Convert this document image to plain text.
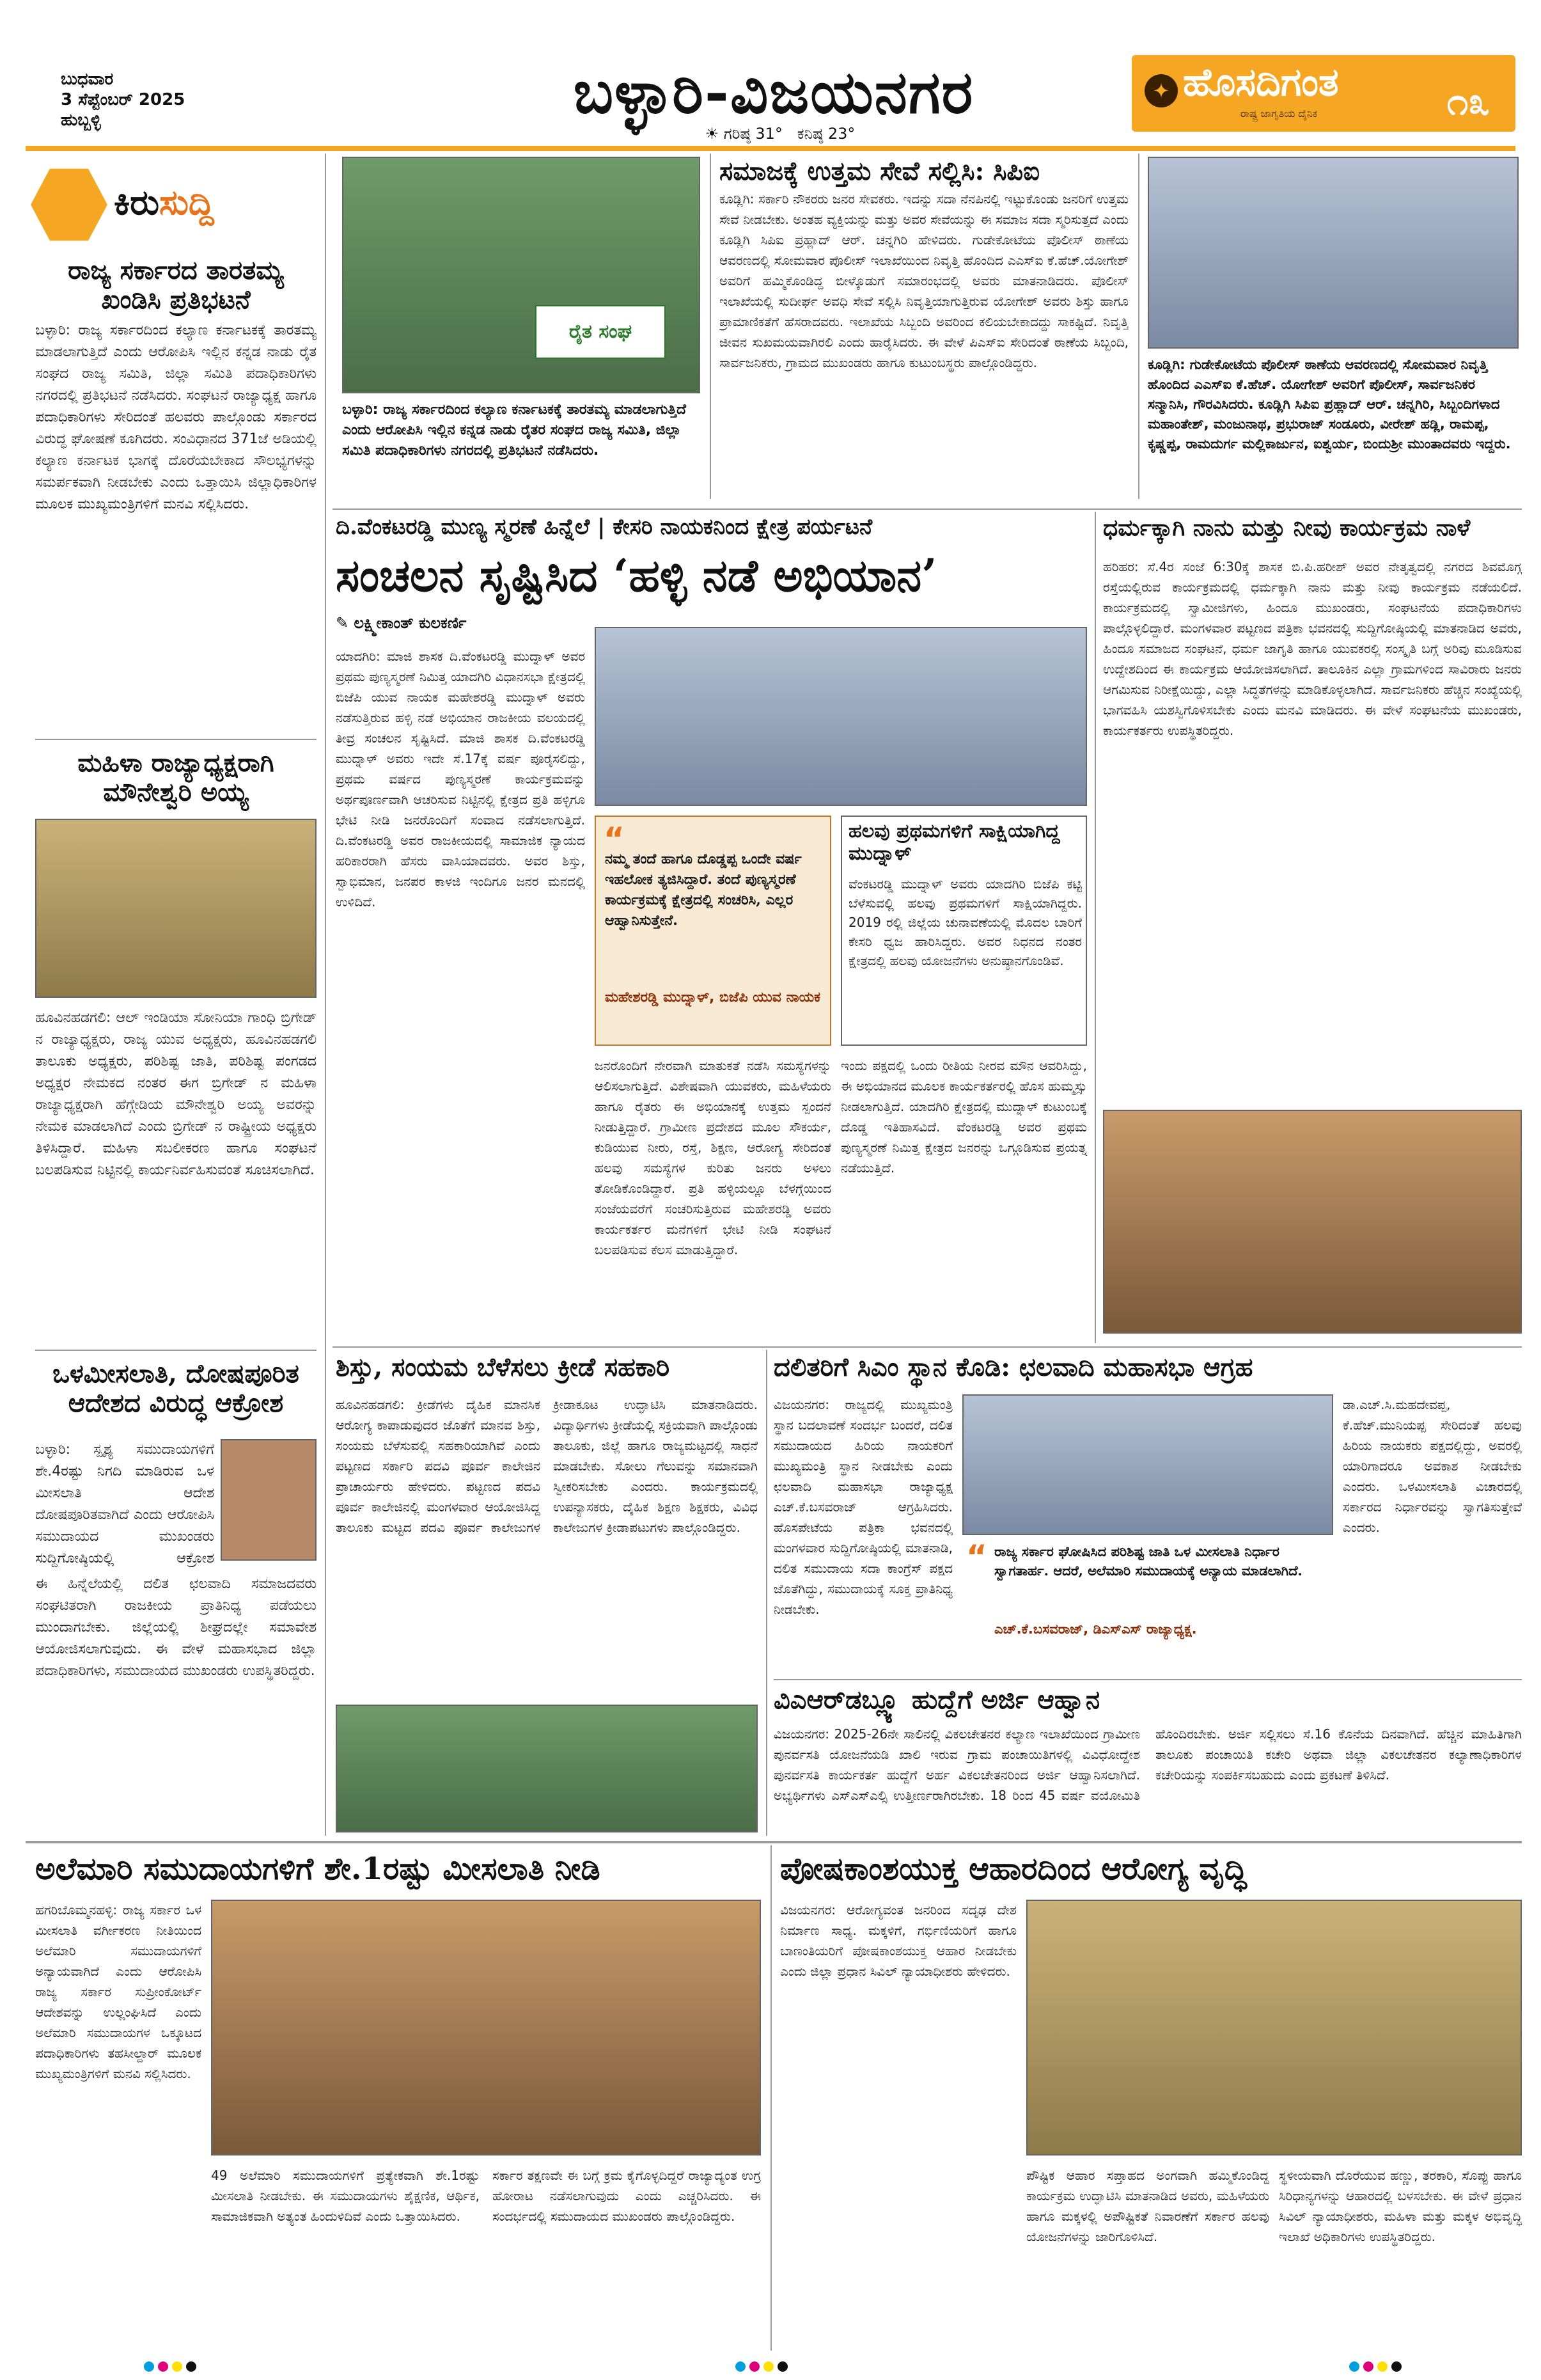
ಬುಧವಾರ
3 ಸೆಪ್ಟೆಂಬರ್ 2025
ಹುಬ್ಬಳ್ಳಿ	ಬಳ್ಳಾರಿ-ವಿಜಯನಗರ
☀ ಗರಿಷ್ಠ 31° ಕನಿಷ್ಠ 23°
✦ ಹೊಸದಿಗಂತ
ರಾಷ್ಟ್ರ ಜಾಗೃತಿಯ ದೈನಿಕ	೧೩
ಕಿರುಸುದ್ದಿ
ರಾಜ್ಯ ಸರ್ಕಾರದ ತಾರತಮ್ಯ ಖಂಡಿಸಿ ಪ್ರತಿಭಟನೆ
ಬಳ್ಳಾರಿ: ರಾಜ್ಯ ಸರ್ಕಾರದಿಂದ ಕಲ್ಯಾಣ ಕರ್ನಾಟಕಕ್ಕೆ ತಾರತಮ್ಯ ಮಾಡಲಾಗುತ್ತಿದೆ ಎಂದು ಆರೋಪಿಸಿ ಇಲ್ಲಿನ ಕನ್ನಡ ನಾಡು ರೈತ ಸಂಘದ ರಾಜ್ಯ ಸಮಿತಿ, ಜಿಲ್ಲಾ ಸಮಿತಿ ಪದಾಧಿಕಾರಿಗಳು ನಗರದಲ್ಲಿ ಪ್ರತಿಭಟನೆ ನಡೆಸಿದರು. ಸಂಘಟನೆ ರಾಜ್ಯಾಧ್ಯಕ್ಷ ಹಾಗೂ ಪದಾಧಿಕಾರಿಗಳು ಸೇರಿದಂತೆ ಹಲವರು ಪಾಲ್ಗೊಂಡು ಸರ್ಕಾರದ ವಿರುದ್ಧ ಘೋಷಣೆ ಕೂಗಿದರು. ಸಂವಿಧಾನದ 371ಜೆ ಅಡಿಯಲ್ಲಿ ಕಲ್ಯಾಣ ಕರ್ನಾಟಕ ಭಾಗಕ್ಕೆ ದೊರೆಯಬೇಕಾದ ಸೌಲಭ್ಯಗಳನ್ನು ಸಮರ್ಪಕವಾಗಿ ನೀಡಬೇಕು ಎಂದು ಒತ್ತಾಯಿಸಿ ಜಿಲ್ಲಾಧಿಕಾರಿಗಳ ಮೂಲಕ ಮುಖ್ಯಮಂತ್ರಿಗಳಿಗೆ ಮನವಿ ಸಲ್ಲಿಸಿದರು.
ಮಹಿಳಾ ರಾಜ್ಯಾಧ್ಯಕ್ಷರಾಗಿ ಮೌನೇಶ್ವರಿ ಅಯ್ಯ
ಹೂವಿನಹಡಗಲಿ: ಆಲ್ ಇಂಡಿಯಾ ಸೋನಿಯಾ ಗಾಂಧಿ ಬ್ರಿಗೇಡ್ ನ ರಾಜ್ಯಾಧ್ಯಕ್ಷರು, ರಾಜ್ಯ ಯುವ ಅಧ್ಯಕ್ಷರು, ಹೂವಿನಹಡಗಲಿ ತಾಲೂಕು ಅಧ್ಯಕ್ಷರು, ಪರಿಶಿಷ್ಟ ಜಾತಿ, ಪರಿಶಿಷ್ಟ ಪಂಗಡದ ಅಧ್ಯಕ್ಷರ ನೇಮಕದ ನಂತರ ಈಗ ಬ್ರಿಗೇಡ್ ನ ಮಹಿಳಾ ರಾಜ್ಯಾಧ್ಯಕ್ಷರಾಗಿ ಹೆಗ್ಗೇಡಿಯ ಮೌನೇಶ್ವರಿ ಅಯ್ಯ ಅವರನ್ನು ನೇಮಕ ಮಾಡಲಾಗಿದೆ ಎಂದು ಬ್ರಿಗೇಡ್ ನ ರಾಷ್ಟ್ರೀಯ ಅಧ್ಯಕ್ಷರು ತಿಳಿಸಿದ್ದಾರೆ. ಮಹಿಳಾ ಸಬಲೀಕರಣ ಹಾಗೂ ಸಂಘಟನೆ ಬಲಪಡಿಸುವ ನಿಟ್ಟಿನಲ್ಲಿ ಕಾರ್ಯನಿರ್ವಹಿಸುವಂತೆ ಸೂಚಿಸಲಾಗಿದೆ.
ಒಳಮೀಸಲಾತಿ, ದೋಷಪೂರಿತ ಆದೇಶದ ವಿರುದ್ಧ ಆಕ್ರೋಶ
ಬಳ್ಳಾರಿ: ಸ್ಪೃಶ್ಯ ಸಮುದಾಯಗಳಿಗೆ ಶೇ.4ರಷ್ಟು ನಿಗದಿ ಮಾಡಿರುವ ಒಳ ಮೀಸಲಾತಿ ಆದೇಶ ದೋಷಪೂರಿತವಾಗಿದೆ ಎಂದು ಆರೋಪಿಸಿ ಸಮುದಾಯದ ಮುಖಂಡರು ಸುದ್ದಿಗೋಷ್ಠಿಯಲ್ಲಿ ಆಕ್ರೋಶ
ಈ ಹಿನ್ನೆಲೆಯಲ್ಲಿ ದಲಿತ ಛಲವಾದಿ ಸಮಾಜದವರು ಸಂಘಟಿತರಾಗಿ ರಾಜಕೀಯ ಪ್ರಾತಿನಿಧ್ಯ ಪಡೆಯಲು ಮುಂದಾಗಬೇಕು. ಜಿಲ್ಲೆಯಲ್ಲಿ ಶೀಘ್ರದಲ್ಲೇ ಸಮಾವೇಶ ಆಯೋಜಿಸಲಾಗುವುದು. ಈ ವೇಳೆ ಮಹಾಸಭಾದ ಜಿಲ್ಲಾ ಪದಾಧಿಕಾರಿಗಳು, ಸಮುದಾಯದ ಮುಖಂಡರು ಉಪಸ್ಥಿತರಿದ್ದರು.
ರೈತ ಸಂಘ
ಬಳ್ಳಾರಿ: ರಾಜ್ಯ ಸರ್ಕಾರದಿಂದ ಕಲ್ಯಾಣ ಕರ್ನಾಟಕಕ್ಕೆ ತಾರತಮ್ಯ ಮಾಡಲಾಗುತ್ತಿದೆ ಎಂದು ಆರೋಪಿಸಿ ಇಲ್ಲಿನ ಕನ್ನಡ ನಾಡು ರೈತರ ಸಂಘದ ರಾಜ್ಯ ಸಮಿತಿ, ಜಿಲ್ಲಾ ಸಮಿತಿ ಪದಾಧಿಕಾರಿಗಳು ನಗರದಲ್ಲಿ ಪ್ರತಿಭಟನೆ ನಡೆಸಿದರು.
ಸಮಾಜಕ್ಕೆ ಉತ್ತಮ ಸೇವೆ ಸಲ್ಲಿಸಿ: ಸಿಪಿಐ
ಕೂಡ್ಲಿಗಿ: ಸರ್ಕಾರಿ ನೌಕರರು ಜನರ ಸೇವಕರು. ಇದನ್ನು ಸದಾ ನೆನಪಿನಲ್ಲಿ ಇಟ್ಟುಕೊಂಡು ಜನರಿಗೆ ಉತ್ತಮ ಸೇವೆ ನೀಡಬೇಕು. ಅಂತಹ ವ್ಯಕ್ತಿಯನ್ನು ಮತ್ತು ಅವರ ಸೇವೆಯನ್ನು ಈ ಸಮಾಜ ಸದಾ ಸ್ಮರಿಸುತ್ತದೆ ಎಂದು ಕೂಡ್ಲಿಗಿ ಸಿಪಿಐ ಪ್ರಹ್ಲಾದ್ ಆರ್. ಚನ್ನಗಿರಿ ಹೇಳಿದರು. ಗುಡೇಕೋಟೆಯ ಪೊಲೀಸ್ ಠಾಣೆಯ ಆವರಣದಲ್ಲಿ ಸೋಮವಾರ ಪೊಲೀಸ್ ಇಲಾಖೆಯಿಂದ ನಿವೃತ್ತಿ ಹೊಂದಿದ ಎಎಸ್ಐ ಕೆ.ಹೆಚ್.ಯೋಗೇಶ್ ಅವರಿಗೆ ಹಮ್ಮಿಕೊಂಡಿದ್ದ ಬೀಳ್ಕೊಡುಗೆ ಸಮಾರಂಭದಲ್ಲಿ ಅವರು ಮಾತನಾಡಿದರು. ಪೊಲೀಸ್ ಇಲಾಖೆಯಲ್ಲಿ ಸುದೀರ್ಘ ಅವಧಿ ಸೇವೆ ಸಲ್ಲಿಸಿ ನಿವೃತ್ತಿಯಾಗುತ್ತಿರುವ ಯೋಗೇಶ್ ಅವರು ಶಿಸ್ತು ಹಾಗೂ ಪ್ರಾಮಾಣಿಕತೆಗೆ ಹೆಸರಾದವರು. ಇಲಾಖೆಯ ಸಿಬ್ಬಂದಿ ಅವರಿಂದ ಕಲಿಯಬೇಕಾದದ್ದು ಸಾಕಷ್ಟಿದೆ. ನಿವೃತ್ತಿ ಜೀವನ ಸುಖಮಯವಾಗಿರಲಿ ಎಂದು ಹಾರೈಸಿದರು. ಈ ವೇಳೆ ಪಿಎಸ್ಐ ಸೇರಿದಂತೆ ಠಾಣೆಯ ಸಿಬ್ಬಂದಿ, ಸಾರ್ವಜನಿಕರು, ಗ್ರಾಮದ ಮುಖಂಡರು ಹಾಗೂ ಕುಟುಂಬಸ್ಥರು ಪಾಲ್ಗೊಂಡಿದ್ದರು.	ಕೂಡ್ಲಿಗಿ: ಗುಡೇಕೋಟೆಯ ಪೊಲೀಸ್ ಠಾಣೆಯ ಆವರಣದಲ್ಲಿ ಸೋಮವಾರ ನಿವೃತ್ತಿ ಹೊಂದಿದ ಎಎಸ್ಐ ಕೆ.ಹೆಚ್. ಯೋಗೇಶ್ ಅವರಿಗೆ ಪೊಲೀಸ್, ಸಾರ್ವಜನಿಕರ ಸನ್ಮಾನಿಸಿ, ಗೌರವಿಸಿದರು. ಕೂಡ್ಲಿಗಿ ಸಿಪಿಐ ಪ್ರಹ್ಲಾದ್ ಆರ್. ಚನ್ನಗಿರಿ, ಸಿಬ್ಬಂದಿಗಳಾದ ಮಹಾಂತೇಶ್, ಮಂಜುನಾಥ, ಪ್ರಭುರಾಜ್ ಸಂಡೂರು, ವೀರೇಶ್ ಹಡ್ಲಿ, ರಾಮಪ್ಪ, ಕೃಷ್ಣಪ್ಪ, ರಾಮದುರ್ಗ ಮಲ್ಲಿಕಾರ್ಜುನ, ಐಶ್ವರ್ಯ, ಬಿಂದುಶ್ರೀ ಮುಂತಾದವರು ಇದ್ದರು.
ದಿ.ವೆಂಕಟರಡ್ಡಿ ಮುಣ್ಯ ಸ್ಮರಣೆ ಹಿನ್ನೆಲೆ | ಕೇಸರಿ ನಾಯಕನಿಂದ ಕ್ಷೇತ್ರ ಪರ್ಯಟನೆ
ಸಂಚಲನ ಸೃಷ್ಟಿಸಿದ ‘ಹಳ್ಳಿ ನಡೆ ಅಭಿಯಾನ’
✎ ಲಕ್ಷ್ಮೀಕಾಂತ್ ಕುಲಕರ್ಣಿ
ಯಾದಗಿರಿ: ಮಾಜಿ ಶಾಸಕ ದಿ.ವೆಂಕಟರಡ್ಡಿ ಮುದ್ನಾಳ್ ಅವರ ಪ್ರಥಮ ಪುಣ್ಯಸ್ಮರಣೆ ನಿಮಿತ್ತ ಯಾದಗಿರಿ ವಿಧಾನಸಭಾ ಕ್ಷೇತ್ರದಲ್ಲಿ ಬಿಜೆಪಿ ಯುವ ನಾಯಕ ಮಹೇಶರಡ್ಡಿ ಮುದ್ನಾಳ್ ಅವರು ನಡೆಸುತ್ತಿರುವ ಹಳ್ಳಿ ನಡೆ ಅಭಿಯಾನ ರಾಜಕೀಯ ವಲಯದಲ್ಲಿ ತೀವ್ರ ಸಂಚಲನ ಸೃಷ್ಟಿಸಿದೆ. ಮಾಜಿ ಶಾಸಕ ದಿ.ವೆಂಕಟರಡ್ಡಿ ಮುದ್ನಾಳ್ ಅವರು ಇದೇ ಸೆ.17ಕ್ಕೆ ವರ್ಷ ಪೂರೈಸಲಿದ್ದು, ಪ್ರಥಮ ವರ್ಷದ ಪುಣ್ಯಸ್ಮರಣೆ ಕಾರ್ಯಕ್ರಮವನ್ನು ಅರ್ಥಪೂರ್ಣವಾಗಿ ಆಚರಿಸುವ ನಿಟ್ಟಿನಲ್ಲಿ ಕ್ಷೇತ್ರದ ಪ್ರತಿ ಹಳ್ಳಿಗೂ ಭೇಟಿ ನೀಡಿ ಜನರೊಂದಿಗೆ ಸಂವಾದ ನಡೆಸಲಾಗುತ್ತಿದೆ. ದಿ.ವೆಂಕಟರಡ್ಡಿ ಅವರ ರಾಜಕೀಯದಲ್ಲಿ ಸಾಮಾಜಿಕ ನ್ಯಾಯದ ಹರಿಕಾರರಾಗಿ ಹೆಸರು ವಾಸಿಯಾದವರು. ಅವರ ಶಿಸ್ತು, ಸ್ವಾಭಿಮಾನ, ಜನಪರ ಕಾಳಜಿ ಇಂದಿಗೂ ಜನರ ಮನದಲ್ಲಿ ಉಳಿದಿದೆ.
“
ನಮ್ಮ ತಂದೆ ಹಾಗೂ ದೊಡ್ಡಪ್ಪ ಒಂದೇ ವರ್ಷ ಇಹಲೋಕ ತ್ಯಜಿಸಿದ್ದಾರೆ. ತಂದೆ ಪುಣ್ಯಸ್ಮರಣೆ ಕಾರ್ಯಕ್ರಮಕ್ಕೆ ಕ್ಷೇತ್ರದಲ್ಲಿ ಸಂಚರಿಸಿ, ಎಲ್ಲರ ಆಹ್ವಾನಿಸುತ್ತೇನೆ.
ಮಹೇಶರಡ್ಡಿ ಮುದ್ನಾಳ್, ಬಿಜೆಪಿ ಯುವ ನಾಯಕ
ಹಲವು ಪ್ರಥಮಗಳಿಗೆ ಸಾಕ್ಷಿಯಾಗಿದ್ದ ಮುದ್ನಾಳ್
ವೆಂಕಟರಡ್ಡಿ ಮುದ್ನಾಳ್ ಅವರು ಯಾದಗಿರಿ ಬಿಜೆಪಿ ಕಟ್ಟಿ ಬೆಳೆಸುವಲ್ಲಿ ಹಲವು ಪ್ರಥಮಗಳಿಗೆ ಸಾಕ್ಷಿಯಾಗಿದ್ದರು. 2019 ರಲ್ಲಿ ಜಿಲ್ಲೆಯ ಚುನಾವಣೆಯಲ್ಲಿ ಮೊದಲ ಬಾರಿಗೆ ಕೇಸರಿ ಧ್ವಜ ಹಾರಿಸಿದ್ದರು. ಅವರ ನಿಧನದ ನಂತರ ಕ್ಷೇತ್ರದಲ್ಲಿ ಹಲವು ಯೋಜನೆಗಳು ಅನುಷ್ಠಾನಗೊಂಡಿವೆ.
ಜನರೊಂದಿಗೆ ನೇರವಾಗಿ ಮಾತುಕತೆ ನಡೆಸಿ ಸಮಸ್ಯೆಗಳನ್ನು ಆಲಿಸಲಾಗುತ್ತಿದೆ. ವಿಶೇಷವಾಗಿ ಯುವಕರು, ಮಹಿಳೆಯರು ಹಾಗೂ ರೈತರು ಈ ಅಭಿಯಾನಕ್ಕೆ ಉತ್ತಮ ಸ್ಪಂದನೆ ನೀಡುತ್ತಿದ್ದಾರೆ. ಗ್ರಾಮೀಣ ಪ್ರದೇಶದ ಮೂಲ ಸೌಕರ್ಯ, ಕುಡಿಯುವ ನೀರು, ರಸ್ತೆ, ಶಿಕ್ಷಣ, ಆರೋಗ್ಯ ಸೇರಿದಂತೆ ಹಲವು ಸಮಸ್ಯೆಗಳ ಕುರಿತು ಜನರು ಅಳಲು ತೋಡಿಕೊಂಡಿದ್ದಾರೆ. ಪ್ರತಿ ಹಳ್ಳಿಯಲ್ಲೂ ಬೆಳಗ್ಗೆಯಿಂದ ಸಂಜೆಯವರೆಗೆ ಸಂಚರಿಸುತ್ತಿರುವ ಮಹೇಶರಡ್ಡಿ ಅವರು ಕಾರ್ಯಕರ್ತರ ಮನೆಗಳಿಗೆ ಭೇಟಿ ನೀಡಿ ಸಂಘಟನೆ ಬಲಪಡಿಸುವ ಕೆಲಸ ಮಾಡುತ್ತಿದ್ದಾರೆ.
ಇಂದು ಪಕ್ಷದಲ್ಲಿ ಒಂದು ರೀತಿಯ ನೀರವ ಮೌನ ಆವರಿಸಿದ್ದು, ಈ ಅಭಿಯಾನದ ಮೂಲಕ ಕಾರ್ಯಕರ್ತರಲ್ಲಿ ಹೊಸ ಹುಮ್ಮಸ್ಸು ನೀಡಲಾಗುತ್ತಿದೆ. ಯಾದಗಿರಿ ಕ್ಷೇತ್ರದಲ್ಲಿ ಮುದ್ನಾಳ್ ಕುಟುಂಬಕ್ಕೆ ದೊಡ್ಡ ಇತಿಹಾಸವಿದೆ. ವೆಂಕಟರಡ್ಡಿ ಅವರ ಪ್ರಥಮ ಪುಣ್ಯಸ್ಮರಣೆ ನಿಮಿತ್ತ ಕ್ಷೇತ್ರದ ಜನರನ್ನು ಒಗ್ಗೂಡಿಸುವ ಪ್ರಯತ್ನ ನಡೆಯುತ್ತಿದೆ.
ಧರ್ಮಕ್ಕಾಗಿ ನಾನು ಮತ್ತು ನೀವು ಕಾರ್ಯಕ್ರಮ ನಾಳೆ
ಹರಿಹರ: ಸೆ.4ರ ಸಂಜೆ 6:30ಕ್ಕೆ ಶಾಸಕ ಬಿ.ಪಿ.ಹರೀಶ್ ಅವರ ನೇತೃತ್ವದಲ್ಲಿ ನಗರದ ಶಿವಮೊಗ್ಗ ರಸ್ತೆಯಲ್ಲಿರುವ ಕಾರ್ಯಕ್ರಮದಲ್ಲಿ ಧರ್ಮಕ್ಕಾಗಿ ನಾನು ಮತ್ತು ನೀವು ಕಾರ್ಯಕ್ರಮ ನಡೆಯಲಿದೆ. ಕಾರ್ಯಕ್ರಮದಲ್ಲಿ ಸ್ವಾಮೀಜಿಗಳು, ಹಿಂದೂ ಮುಖಂಡರು, ಸಂಘಟನೆಯ ಪದಾಧಿಕಾರಿಗಳು ಪಾಲ್ಗೊಳ್ಳಲಿದ್ದಾರೆ. ಮಂಗಳವಾರ ಪಟ್ಟಣದ ಪತ್ರಿಕಾ ಭವನದಲ್ಲಿ ಸುದ್ದಿಗೋಷ್ಠಿಯಲ್ಲಿ ಮಾತನಾಡಿದ ಅವರು, ಹಿಂದೂ ಸಮಾಜದ ಸಂಘಟನೆ, ಧರ್ಮ ಜಾಗೃತಿ ಹಾಗೂ ಯುವಕರಲ್ಲಿ ಸಂಸ್ಕೃತಿ ಬಗ್ಗೆ ಅರಿವು ಮೂಡಿಸುವ ಉದ್ದೇಶದಿಂದ ಈ ಕಾರ್ಯಕ್ರಮ ಆಯೋಜಿಸಲಾಗಿದೆ. ತಾಲೂಕಿನ ಎಲ್ಲಾ ಗ್ರಾಮಗಳಿಂದ ಸಾವಿರಾರು ಜನರು ಆಗಮಿಸುವ ನಿರೀಕ್ಷೆಯಿದ್ದು, ಎಲ್ಲಾ ಸಿದ್ಧತೆಗಳನ್ನು ಮಾಡಿಕೊಳ್ಳಲಾಗಿದೆ. ಸಾರ್ವಜನಿಕರು ಹೆಚ್ಚಿನ ಸಂಖ್ಯೆಯಲ್ಲಿ ಭಾಗವಹಿಸಿ ಯಶಸ್ವಿಗೊಳಿಸಬೇಕು ಎಂದು ಮನವಿ ಮಾಡಿದರು. ಈ ವೇಳೆ ಸಂಘಟನೆಯ ಮುಖಂಡರು, ಕಾರ್ಯಕರ್ತರು ಉಪಸ್ಥಿತರಿದ್ದರು.
ಶಿಸ್ತು, ಸಂಯಮ ಬೆಳೆಸಲು ಕ್ರೀಡೆ ಸಹಕಾರಿ
ಹೂವಿನಹಡಗಲಿ: ಕ್ರೀಡೆಗಳು ದೈಹಿಕ ಮಾನಸಿಕ ಆರೋಗ್ಯ ಕಾಪಾಡುವುದರ ಜೊತೆಗೆ ಮಾನವ ಶಿಸ್ತು, ಸಂಯಮ ಬೆಳೆಸುವಲ್ಲಿ ಸಹಕಾರಿಯಾಗಿವೆ ಎಂದು ಪಟ್ಟಣದ ಸರ್ಕಾರಿ ಪದವಿ ಪೂರ್ವ ಕಾಲೇಜಿನ ಪ್ರಾಚಾರ್ಯರು ಹೇಳಿದರು. ಪಟ್ಟಣದ ಪದವಿ ಪೂರ್ವ ಕಾಲೇಜಿನಲ್ಲಿ ಮಂಗಳವಾರ ಆಯೋಜಿಸಿದ್ದ ತಾಲೂಕು ಮಟ್ಟದ ಪದವಿ ಪೂರ್ವ ಕಾಲೇಜುಗಳ ಕ್ರೀಡಾಕೂಟ ಉದ್ಘಾಟಿಸಿ ಮಾತನಾಡಿದರು. ವಿದ್ಯಾರ್ಥಿಗಳು ಕ್ರೀಡೆಯಲ್ಲಿ ಸಕ್ರಿಯವಾಗಿ ಪಾಲ್ಗೊಂಡು ತಾಲೂಕು, ಜಿಲ್ಲೆ ಹಾಗೂ ರಾಜ್ಯಮಟ್ಟದಲ್ಲಿ ಸಾಧನೆ ಮಾಡಬೇಕು. ಸೋಲು ಗೆಲುವನ್ನು ಸಮಾನವಾಗಿ ಸ್ವೀಕರಿಸಬೇಕು ಎಂದರು. ಕಾರ್ಯಕ್ರಮದಲ್ಲಿ ಉಪನ್ಯಾಸಕರು, ದೈಹಿಕ ಶಿಕ್ಷಣ ಶಿಕ್ಷಕರು, ವಿವಿಧ ಕಾಲೇಜುಗಳ ಕ್ರೀಡಾಪಟುಗಳು ಪಾಲ್ಗೊಂಡಿದ್ದರು.
ದಲಿತರಿಗೆ ಸಿಎಂ ಸ್ಥಾನ ಕೊಡಿ: ಛಲವಾದಿ ಮಹಾಸಭಾ ಆಗ್ರಹ
ವಿಜಯನಗರ: ರಾಜ್ಯದಲ್ಲಿ ಮುಖ್ಯಮಂತ್ರಿ ಸ್ಥಾನ ಬದಲಾವಣೆ ಸಂದರ್ಭ ಬಂದರೆ, ದಲಿತ ಸಮುದಾಯದ ಹಿರಿಯ ನಾಯಕರಿಗೆ ಮುಖ್ಯಮಂತ್ರಿ ಸ್ಥಾನ ನೀಡಬೇಕು ಎಂದು ಛಲವಾದಿ ಮಹಾಸಭಾ ರಾಜ್ಯಾಧ್ಯಕ್ಷ ಎಚ್.ಕೆ.ಬಸವರಾಜ್ ಆಗ್ರಹಿಸಿದರು. ಹೊಸಪೇಟೆಯ ಪತ್ರಿಕಾ ಭವನದಲ್ಲಿ ಮಂಗಳವಾರ ಸುದ್ದಿಗೋಷ್ಠಿಯಲ್ಲಿ ಮಾತನಾಡಿ, ದಲಿತ ಸಮುದಾಯ ಸದಾ ಕಾಂಗ್ರೆಸ್ ಪಕ್ಷದ ಜೊತೆಗಿದ್ದು, ಸಮುದಾಯಕ್ಕೆ ಸೂಕ್ತ ಪ್ರಾತಿನಿಧ್ಯ ನೀಡಬೇಕು.
“ ರಾಜ್ಯ ಸರ್ಕಾರ ಘೋಷಿಸಿದ ಪರಿಶಿಷ್ಟ ಜಾತಿ ಒಳ ಮೀಸಲಾತಿ ನಿರ್ಧಾರ ಸ್ವಾಗತಾರ್ಹ. ಆದರೆ, ಅಲೆಮಾರಿ ಸಮುದಾಯಕ್ಕೆ ಅನ್ಯಾಯ ಮಾಡಲಾಗಿದೆ.
ಎಚ್.ಕೆ.ಬಸವರಾಜ್, ಡಿಎಸ್‌ಎಸ್ ರಾಜ್ಯಾಧ್ಯಕ್ಷ.
ಡಾ.ಎಚ್.ಸಿ.ಮಹದೇವಪ್ಪ, ಕೆ.ಹೆಚ್.ಮುನಿಯಪ್ಪ ಸೇರಿದಂತೆ ಹಲವು ಹಿರಿಯ ನಾಯಕರು ಪಕ್ಷದಲ್ಲಿದ್ದು, ಅವರಲ್ಲಿ ಯಾರಿಗಾದರೂ ಅವಕಾಶ ನೀಡಬೇಕು ಎಂದರು. ಒಳಮೀಸಲಾತಿ ವಿಚಾರದಲ್ಲಿ ಸರ್ಕಾರದ ನಿರ್ಧಾರವನ್ನು ಸ್ವಾಗತಿಸುತ್ತೇವೆ ಎಂದರು.
ವಿಎಆರ್‌ಡಬ್ಲ್ಯೂ ಹುದ್ದೆಗೆ ಅರ್ಜಿ ಆಹ್ವಾನ
ವಿಜಯನಗರ: 2025-26ನೇ ಸಾಲಿನಲ್ಲಿ ವಿಕಲಚೇತನರ ಕಲ್ಯಾಣ ಇಲಾಖೆಯಿಂದ ಗ್ರಾಮೀಣ ಪುನರ್ವಸತಿ ಯೋಜನೆಯಡಿ ಖಾಲಿ ಇರುವ ಗ್ರಾಮ ಪಂಚಾಯಿತಿಗಳಲ್ಲಿ ವಿವಿಧೋದ್ದೇಶ ಪುನರ್ವಸತಿ ಕಾರ್ಯಕರ್ತ ಹುದ್ದೆಗೆ ಅರ್ಹ ವಿಕಲಚೇತನರಿಂದ ಅರ್ಜಿ ಆಹ್ವಾನಿಸಲಾಗಿದೆ. ಅಭ್ಯರ್ಥಿಗಳು ಎಸ್ಎಸ್ಎಲ್ಸಿ ಉತ್ತೀರ್ಣರಾಗಿರಬೇಕು. 18 ರಿಂದ 45 ವರ್ಷ ವಯೋಮಿತಿ ಹೊಂದಿರಬೇಕು. ಅರ್ಜಿ ಸಲ್ಲಿಸಲು ಸೆ.16 ಕೊನೆಯ ದಿನವಾಗಿದೆ. ಹೆಚ್ಚಿನ ಮಾಹಿತಿಗಾಗಿ ತಾಲೂಕು ಪಂಚಾಯಿತಿ ಕಚೇರಿ ಅಥವಾ ಜಿಲ್ಲಾ ವಿಕಲಚೇತನರ ಕಲ್ಯಾಣಾಧಿಕಾರಿಗಳ ಕಚೇರಿಯನ್ನು ಸಂಪರ್ಕಿಸಬಹುದು ಎಂದು ಪ್ರಕಟಣೆ ತಿಳಿಸಿದೆ.
ಅಲೆಮಾರಿ ಸಮುದಾಯಗಳಿಗೆ ಶೇ.1ರಷ್ಟು ಮೀಸಲಾತಿ ನೀಡಿ
ಹಗರಿಬೊಮ್ಮನಹಳ್ಳಿ: ರಾಜ್ಯ ಸರ್ಕಾರ ಒಳ ಮೀಸಲಾತಿ ವರ್ಗೀಕರಣ ನೀತಿಯಿಂದ ಅಲೆಮಾರಿ ಸಮುದಾಯಗಳಿಗೆ ಅನ್ಯಾಯವಾಗಿದೆ ಎಂದು ಆರೋಪಿಸಿ ರಾಜ್ಯ ಸರ್ಕಾರ ಸುಪ್ರೀಂಕೋರ್ಟ್ ಆದೇಶವನ್ನು ಉಲ್ಲಂಘಿಸಿದೆ ಎಂದು ಅಲೆಮಾರಿ ಸಮುದಾಯಗಳ ಒಕ್ಕೂಟದ ಪದಾಧಿಕಾರಿಗಳು ತಹಸೀಲ್ದಾರ್ ಮೂಲಕ ಮುಖ್ಯಮಂತ್ರಿಗಳಿಗೆ ಮನವಿ ಸಲ್ಲಿಸಿದರು.
49 ಅಲೆಮಾರಿ ಸಮುದಾಯಗಳಿಗೆ ಪ್ರತ್ಯೇಕವಾಗಿ ಶೇ.1ರಷ್ಟು ಮೀಸಲಾತಿ ನೀಡಬೇಕು. ಈ ಸಮುದಾಯಗಳು ಶೈಕ್ಷಣಿಕ, ಆರ್ಥಿಕ, ಸಾಮಾಜಿಕವಾಗಿ ಅತ್ಯಂತ ಹಿಂದುಳಿದಿವೆ ಎಂದು ಒತ್ತಾಯಿಸಿದರು.
ಸರ್ಕಾರ ತಕ್ಷಣವೇ ಈ ಬಗ್ಗೆ ಕ್ರಮ ಕೈಗೊಳ್ಳದಿದ್ದರೆ ರಾಜ್ಯಾದ್ಯಂತ ಉಗ್ರ ಹೋರಾಟ ನಡೆಸಲಾಗುವುದು ಎಂದು ಎಚ್ಚರಿಸಿದರು. ಈ ಸಂದರ್ಭದಲ್ಲಿ ಸಮುದಾಯದ ಮುಖಂಡರು ಪಾಲ್ಗೊಂಡಿದ್ದರು.
ಪೋಷಕಾಂಶಯುಕ್ತ ಆಹಾರದಿಂದ ಆರೋಗ್ಯ ವೃದ್ಧಿ
ವಿಜಯನಗರ: ಆರೋಗ್ಯವಂತ ಜನರಿಂದ ಸದೃಢ ದೇಶ ನಿರ್ಮಾಣ ಸಾಧ್ಯ. ಮಕ್ಕಳಿಗೆ, ಗರ್ಭಿಣಿಯರಿಗೆ ಹಾಗೂ ಬಾಣಂತಿಯರಿಗೆ ಪೋಷಕಾಂಶಯುಕ್ತ ಆಹಾರ ನೀಡಬೇಕು ಎಂದು ಜಿಲ್ಲಾ ಪ್ರಧಾನ ಸಿವಿಲ್ ನ್ಯಾಯಾಧೀಶರು ಹೇಳಿದರು.
ಪೌಷ್ಟಿಕ ಆಹಾರ ಸಪ್ತಾಹದ ಅಂಗವಾಗಿ ಹಮ್ಮಿಕೊಂಡಿದ್ದ ಕಾರ್ಯಕ್ರಮ ಉದ್ಘಾಟಿಸಿ ಮಾತನಾಡಿದ ಅವರು, ಮಹಿಳೆಯರು ಹಾಗೂ ಮಕ್ಕಳಲ್ಲಿ ಅಪೌಷ್ಟಿಕತೆ ನಿವಾರಣೆಗೆ ಸರ್ಕಾರ ಹಲವು ಯೋಜನೆಗಳನ್ನು ಜಾರಿಗೊಳಿಸಿದೆ.
ಸ್ಥಳೀಯವಾಗಿ ದೊರೆಯುವ ಹಣ್ಣು, ತರಕಾರಿ, ಸೊಪ್ಪು ಹಾಗೂ ಸಿರಿಧಾನ್ಯಗಳನ್ನು ಆಹಾರದಲ್ಲಿ ಬಳಸಬೇಕು. ಈ ವೇಳೆ ಪ್ರಧಾನ ಸಿವಿಲ್ ನ್ಯಾಯಾಧೀಶರು, ಮಹಿಳಾ ಮತ್ತು ಮಕ್ಕಳ ಅಭಿವೃದ್ಧಿ ಇಲಾಖೆ ಅಧಿಕಾರಿಗಳು ಉಪಸ್ಥಿತರಿದ್ದರು.
